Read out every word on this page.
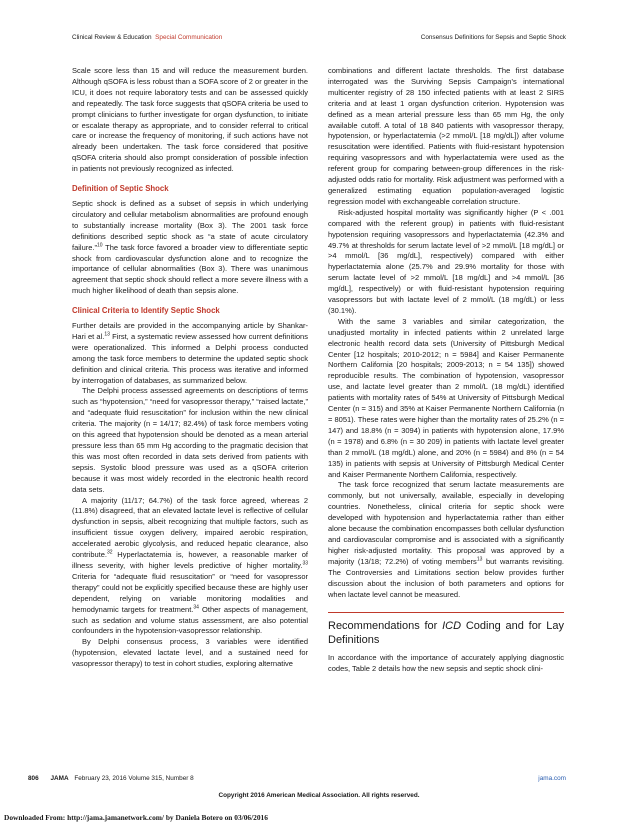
Clinical Review & Education Special Communication	Consensus Definitions for Sepsis and Septic Shock

Scale score less than 15 and will reduce the measurement burden. Although qSOFA is less robust than a SOFA score of 2 or greater in the ICU, it does not require laboratory tests and can be assessed quickly and repeatedly. The task force suggests that qSOFA criteria be used to prompt clinicians to further investigate for organ dysfunction, to initiate or escalate therapy as appropriate, and to consider referral to critical care or increase the frequency of monitoring, if such actions have not already been undertaken. The task force considered that positive qSOFA criteria should also prompt consideration of possible infection in patients not previously recognized as infected.

Definition of Septic Shock

Septic shock is defined as a subset of sepsis in which underlying circulatory and cellular metabolism abnormalities are profound enough to substantially increase mortality (Box 3). The 2001 task force definitions described septic shock as “a state of acute circulatory failure.”$^{10}$ The task force favored a broader view to differentiate septic shock from cardiovascular dysfunction alone and to recognize the importance of cellular abnormalities (Box 3). There was unanimous agreement that septic shock should reflect a more severe illness with a much higher likelihood of death than sepsis alone.

Clinical Criteria to Identify Septic Shock

Further details are provided in the accompanying article by Shankar-Hari et al.$^{13}$ First, a systematic review assessed how current definitions were operationalized. This informed a Delphi process conducted among the task force members to determine the updated septic shock definition and clinical criteria. This process was iterative and informed by interrogation of databases, as summarized below.

The Delphi process assessed agreements on descriptions of terms such as “hypotension,” “need for vasopressor therapy,” “raised lactate,” and “adequate fluid resuscitation” for inclusion within the new clinical criteria. The majority (n = 14/17; 82.4%) of task force members voting on this agreed that hypotension should be denoted as a mean arterial pressure less than 65 mm Hg according to the pragmatic decision that this was most often recorded in data sets derived from patients with sepsis. Systolic blood pressure was used as a qSOFA criterion because it was most widely recorded in the electronic health record data sets.

A majority (11/17; 64.7%) of the task force agreed, whereas 2 (11.8%) disagreed, that an elevated lactate level is reflective of cellular dysfunction in sepsis, albeit recognizing that multiple factors, such as insufficient tissue oxygen delivery, impaired aerobic respiration, accelerated aerobic glycolysis, and reduced hepatic clearance, also contribute.$^{32}$ Hyperlactatemia is, however, a reasonable marker of illness severity, with higher levels predictive of higher mortality.$^{33}$ Criteria for “adequate fluid resuscitation” or “need for vasopressor therapy” could not be explicitly specified because these are highly user dependent, relying on variable monitoring modalities and hemodynamic targets for treatment.$^{34}$ Other aspects of management, such as sedation and volume status assessment, are also potential confounders in the hypotension-vasopressor relationship.

By Delphi consensus process, 3 variables were identified (hypotension, elevated lactate level, and a sustained need for vasopressor therapy) to test in cohort studies, exploring alternative

combinations and different lactate thresholds. The first database interrogated was the Surviving Sepsis Campaign’s international multicenter registry of 28 150 infected patients with at least 2 SIRS criteria and at least 1 organ dysfunction criterion. Hypotension was defined as a mean arterial pressure less than 65 mm Hg, the only available cutoff. A total of 18 840 patients with vasopressor therapy, hypotension, or hyperlactatemia (>2 mmol/L [18 mg/dL]) after volume resuscitation were identified. Patients with fluid-resistant hypotension requiring vasopressors and with hyperlactatemia were used as the referent group for comparing between-group differences in the risk-adjusted odds ratio for mortality. Risk adjustment was performed with a generalized estimating equation population-averaged logistic regression model with exchangeable correlation structure.

Risk-adjusted hospital mortality was significantly higher (P < .001 compared with the referent group) in patients with fluid-resistant hypotension requiring vasopressors and hyperlactatemia (42.3% and 49.7% at thresholds for serum lactate level of >2 mmol/L [18 mg/dL] or >4 mmol/L [36 mg/dL], respectively) compared with either hyperlactatemia alone (25.7% and 29.9% mortality for those with serum lactate level of >2 mmol/L [18 mg/dL] and >4 mmol/L [36 mg/dL], respectively) or with fluid-resistant hypotension requiring vasopressors but with lactate level of 2 mmol/L (18 mg/dL) or less (30.1%).

With the same 3 variables and similar categorization, the unadjusted mortality in infected patients within 2 unrelated large electronic health record data sets (University of Pittsburgh Medical Center [12 hospitals; 2010-2012; n = 5984] and Kaiser Permanente Northern California [20 hospitals; 2009-2013; n = 54 135]) showed reproducible results. The combination of hypotension, vasopressor use, and lactate level greater than 2 mmol/L (18 mg/dL) identified patients with mortality rates of 54% at University of Pittsburgh Medical Center (n = 315) and 35% at Kaiser Permanente Northern California (n = 8051). These rates were higher than the mortality rates of 25.2% (n = 147) and 18.8% (n = 3094) in patients with hypotension alone, 17.9% (n = 1978) and 6.8% (n = 30 209) in patients with lactate level greater than 2 mmol/L (18 mg/dL) alone, and 20% (n = 5984) and 8% (n = 54 135) in patients with sepsis at University of Pittsburgh Medical Center and Kaiser Permanente Northern California, respectively.

The task force recognized that serum lactate measurements are commonly, but not universally, available, especially in developing countries. Nonetheless, clinical criteria for septic shock were developed with hypotension and hyperlactatemia rather than either alone because the combination encompasses both cellular dysfunction and cardiovascular compromise and is associated with a significantly higher risk-adjusted mortality. This proposal was approved by a majority (13/18; 72.2%) of voting members$^{13}$ but warrants revisiting. The Controversies and Limitations section below provides further discussion about the inclusion of both parameters and options for when lactate level cannot be measured.

Recommendations for ICD Coding and for Lay Definitions

In accordance with the importance of accurately applying diagnostic codes, Table 2 details how the new sepsis and septic shock clini-

806 JAMA February 23, 2016 Volume 315, Number 8	jama.com
Copyright 2016 American Medical Association. All rights reserved.
Downloaded From: http://jama.jamanetwork.com/ by Daniela Botero on 03/06/2016
